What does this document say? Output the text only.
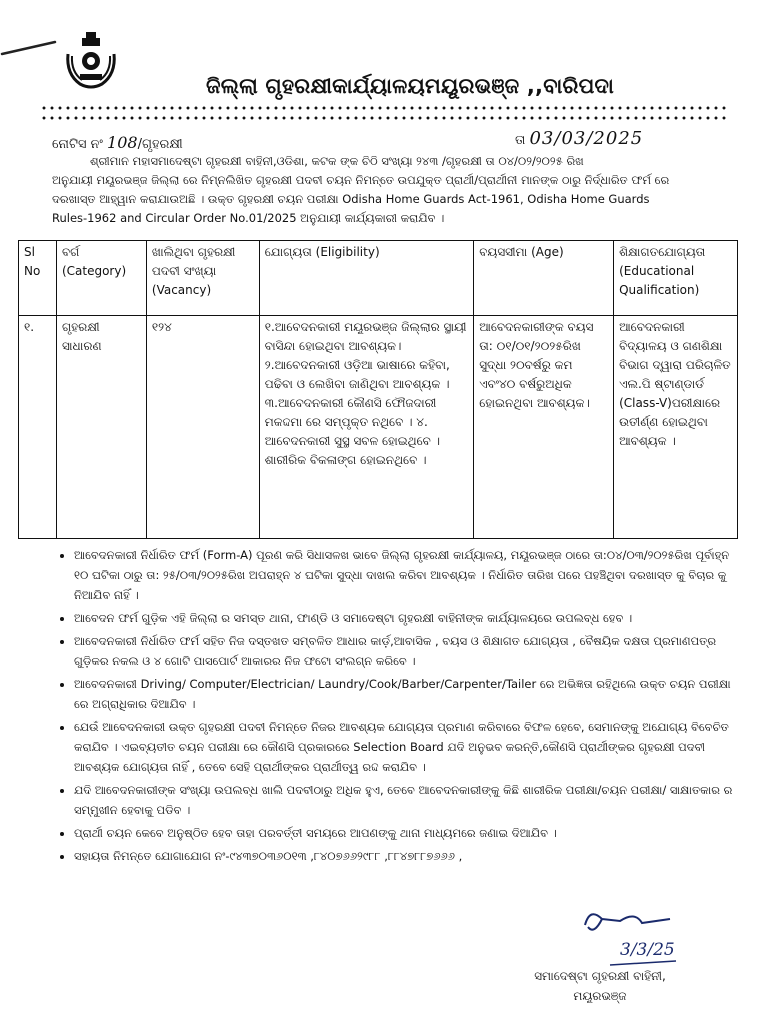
ଜିଲ୍ଲା ଗୃହରକ୍ଷୀକାର୍ଯ୍ୟାଳୟମୟୂରଭଞ୍ଜ ,,ବାରିପଦା
ନୋଟିସ ନଂ 108/ଗୃହରକ୍ଷୀ	ତା 03/03/2025
ଶ୍ରୀମାନ ମହାସମାଦେଷ୍ଟା ଗୃହରକ୍ଷୀ ବାହିନୀ,ଓଡିଶା, କଟକ ଙ୍କ ଚିଠି ସଂଖ୍ୟା ୨୪୩ /ଗୃହରକ୍ଷୀ ତା ୦୪/୦୨/୨୦୨୫ ରିଖ
ଅନୁଯାୟୀ ମୟୂରଭଞ୍ଜ ଜିଲ୍ଲା ରେ ନିମ୍ନଲିଖିତ ଗୃହରକ୍ଷୀ ପଦବୀ ଚୟନ ନିମନ୍ତେ ଉପଯୁକ୍ତ ପ୍ରାର୍ଥୀ/ପ୍ରାର୍ଥୀନୀ ମାନଙ୍କ ଠାରୁ ନିର୍ଦ୍ଧାରିତ ଫର୍ମ ରେ
ଦରଖାସ୍ତ ଆହ୍ୱାନ କରାଯାଉଅଛି । ଉକ୍ତ ଗୃହରକ୍ଷୀ ଚୟନ ପରୀକ୍ଷା Odisha Home Guards Act-1961, Odisha Home Guards
Rules-1962 and Circular Order No.01/2025 ଅନୁଯାୟୀ କାର୍ଯ୍ୟକାରୀ କରାଯିବ ।
Sl No	ବର୍ଗ (Category)	ଖାଲିଥିବା ଗୃହରକ୍ଷୀ ପଦବୀ ସଂଖ୍ୟା (Vacancy)	ଯୋଗ୍ୟତା (Eligibility)	ବୟସସୀମା (Age)	ଶିକ୍ଷାଗତଯୋଗ୍ୟତା (Educational Qualification)
୧.	ଗୃହରକ୍ଷୀ ସାଧାରଣ	୧୨୪	୧.ଆବେଦନକାରୀ ମୟୂରଭଞ୍ଜ ଜିଲ୍ଲାର ସ୍ଥାୟୀ ବାସିନ୍ଦା ହୋଇଥିବା ଆବଶ୍ୟକ। ୨.ଆବେଦନକାରୀ ଓଡ଼ିଆ ଭାଷାରେ କହିବା, ପଢିବା ଓ ଲେଖିବା ଜାଣିଥିବା ଆବଶ୍ୟକ । ୩.ଆବେଦନକାରୀ କୌଣସି ଫୌଜଦାରୀ ମକଦ୍ଦମା ରେ ସମ୍ପୃକ୍ତ ନଥିବେ । ୪. ଆବେଦନକାରୀ ସୁସ୍ଥ ସବଳ ହୋଇଥିବେ । ଶାରୀରିକ ବିକଳାଙ୍ଗ ହୋଇନଥିବେ ।	ଆବେଦନକାରୀଙ୍କ ବୟସ ତା: ୦୧/୦୧/୨୦୨୫ରିଖ ସୁଦ୍ଧା ୨୦ବର୍ଷରୁ କମ ଏବଂ୪୦ ବର୍ଷରୁଅଧିକ ହୋଇନଥିବା ଆବଶ୍ୟକ।	ଆବେଦନକାରୀ ବିଦ୍ୟାଳୟ ଓ ଗଣଶିକ୍ଷା ବିଭାଗ ଦ୍ୱାରା ପରିଚାଳିତ ଏଲ.ପି ଷ୍ଟାଣ୍ଡାର୍ଡ (Class-V)ପରୀକ୍ଷାରେ ଉତୀର୍ଣ୍ଣ ହୋଇଥିବା ଆବଶ୍ୟକ ।
• ଆବେଦନକାରୀ ନିର୍ଧାରିତ ଫର୍ମ (Form-A) ପୂରଣ କରି ସିଧାସଳଖ ଭାବେ ଜିଲ୍ଲା ଗୃହରକ୍ଷୀ କାର୍ଯ୍ୟାଳୟ, ମୟୂରଭଞ୍ଜ ଠାରେ ତା:୦୪/୦୩/୨୦୨୫ରିଖ ପୂର୍ବାହ୍ନ ୧୦ ଘଟିକା ଠାରୁ ତା: ୨୫/୦୩/୨୦୨୫ରିଖ ଅପରାହ୍ନ ୪ ଘଟିକା ସୁଦ୍ଧା ଦାଖଲ କରିବା ଆବଶ୍ୟକ । ନିର୍ଧାରିତ ତାରିଖ ପରେ ପହଞ୍ଚିଥିବା ଦରଖାସ୍ତ କୁ ବିଚାର କୁ ନିଆଯିବ ନାହିଁ ।
• ଆବେଦନ ଫର୍ମ ଗୁଡ଼ିକ ଏହି ଜିଲ୍ଲା ର ସମସ୍ତ ଥାନା, ଫାଣ୍ଡି ଓ ସମାଦେଷ୍ଟା ଗୃହରକ୍ଷୀ ବାହିନୀଙ୍କ କାର୍ଯ୍ୟାଳୟରେ ଉପଲବ୍ଧ ହେବ ।
• ଆବେଦନକାରୀ ନିର୍ଧାରିତ ଫର୍ମ ସହିତ ନିଜ ଦସ୍ତଖତ ସମ୍ବଳିତ ଆଧାର କାର୍ଡ଼,ଆବାସିକ , ବୟସ ଓ ଶିକ୍ଷାଗତ ଯୋଗ୍ୟତା , ବୈଷୟିକ ଦକ୍ଷତା ପ୍ରମାଣପତ୍ର ଗୁଡ଼ିକର ନକଲ ଓ ୪ ଗୋଟି ପାସପୋର୍ଟ ଆକାରର ନିଜ ଫଟୋ ସଂଲଗ୍ନ କରିବେ ।
• ଆବେଦନକାରୀ Driving/ Computer/Electrician/ Laundry/Cook/Barber/Carpenter/Tailer ରେ ଅଭିଜ୍ଞତା ରହିଥିଲେ ଉକ୍ତ ଚୟନ ପରୀକ୍ଷା ରେ ଅଗ୍ରାଧିକାର ଦିଆଯିବ ।
• ଯେଉଁ ଆବେଦନକାରୀ ଉକ୍ତ ଗୃହରକ୍ଷୀ ପଦବୀ ନିମନ୍ତେ ନିଜର ଆବଶ୍ୟକ ଯୋଗ୍ୟତା ପ୍ରମାଣ କରିବାରେ ବିଫଳ ହେବେ, ସେମାନଙ୍କୁ ଅଯୋଗ୍ୟ ବିବେଚିତ କରାଯିବ । ଏଇବ୍ୟତୀତ ଚୟନ ପରୀକ୍ଷା ରେ କୌଣସି ପ୍ରକାରରେ Selection Board ଯଦି ଅନୁଭବ କରନ୍ତି,କୌଣସି ପ୍ରାର୍ଥୀଙ୍କର ଗୃହରକ୍ଷୀ ପଦବୀ ଆବଶ୍ୟକ ଯୋଗ୍ୟତା ନାହିଁ , ତେବେ ସେହି ପ୍ରାର୍ଥୀଙ୍କର ପ୍ରାର୍ଥୀତ୍ୱ ରଦ୍ଦ କରାଯିବ ।
• ଯଦି ଆବେଦନକାରୀଙ୍କ ସଂଖ୍ୟା ଉପଲବ୍ଧ ଖାଲି ପଦବୀଠାରୁ ଅଧିକ ହୁଏ, ତେବେ ଆବେଦନକାରୀଙ୍କୁ କିଛି ଶାରୀରିକ ପରୀକ୍ଷା/ଚୟନ ପରୀକ୍ଷା/ ସାକ୍ଷାତକାର ର ସମ୍ମୁଖୀନ ହେବାକୁ ପଡିବ ।
• ପ୍ରାର୍ଥୀ ଚୟନ କେବେ ଅନୁଷ୍ଠିତ ହେବ ତାହା ପରବର୍ତ୍ତୀ ସମୟରେ ଆପଣଙ୍କୁ ଥାନା ମାଧ୍ୟମରେ ଜଣାଇ ଦିଆଯିବ ।
• ସହାୟତା ନିମନ୍ତେ ଯୋଗାଯୋଗ ନଂ-୯୪୩୭୦୩୬୦୧୩ ,୮୪୦୭୬୬୨୯୮୮ ,୮୮୪୭୮୮୭୬୬୬ ,
3/3/25
ସମାଦେଷ୍ଟା ଗୃହରକ୍ଷୀ ବାହିନୀ,
ମୟୂରଭଞ୍ଜ
